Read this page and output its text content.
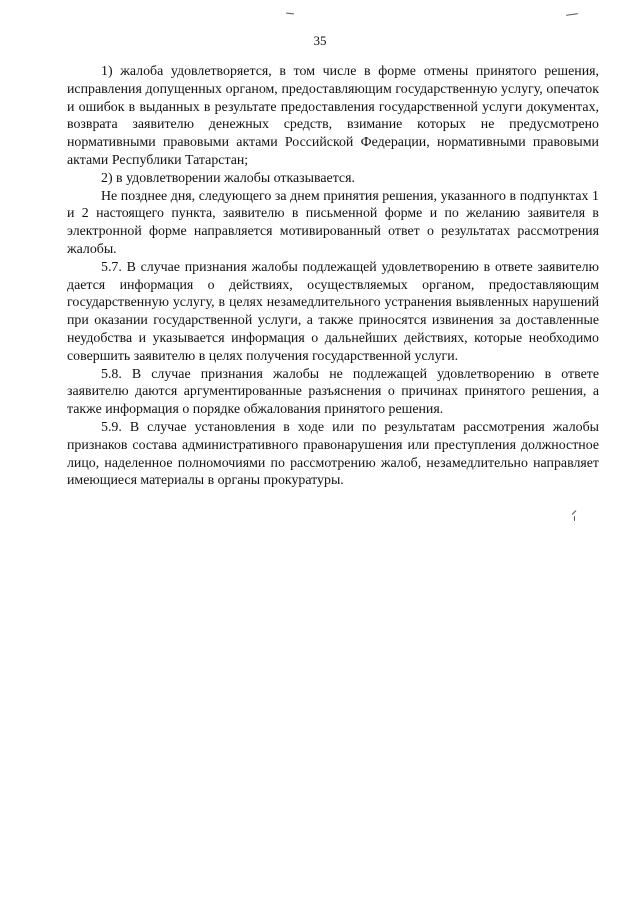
35

1) жалоба удовлетворяется, в том числе в форме отмены принятого решения, исправления допущенных органом, предоставляющим государственную услугу, опечаток и ошибок в выданных в результате предоставления государственной услуги документах, возврата заявителю денежных средств, взимание которых не предусмотрено нормативными правовыми актами Российской Федерации, нормативными правовыми актами Республики Татарстан;

2) в удовлетворении жалобы отказывается.

Не позднее дня, следующего за днем принятия решения, указанного в подпунктах 1 и 2 настоящего пункта, заявителю в письменной форме и по желанию заявителя в электронной форме направляется мотивированный ответ о результатах рассмотрения жалобы.

5.7. В случае признания жалобы подлежащей удовлетворению в ответе заявителю дается информация о действиях, осуществляемых органом, предоставляющим государственную услугу, в целях незамедлительного устранения выявленных нарушений при оказании государственной услуги, а также приносятся извинения за доставленные неудобства и указывается информация о дальнейших действиях, которые необходимо совершить заявителю в целях получения государственной услуги.

5.8. В случае признания жалобы не подлежащей удовлетворению в ответе заявителю даются аргументированные разъяснения о причинах принятого решения, а также информация о порядке обжалования принятого решения.

5.9. В случае установления в ходе или по результатам рассмотрения жалобы признаков состава административного правонарушения или преступления должностное лицо, наделенное полномочиями по рассмотрению жалоб, незамедлительно направляет имеющиеся материалы в органы прокуратуры.
